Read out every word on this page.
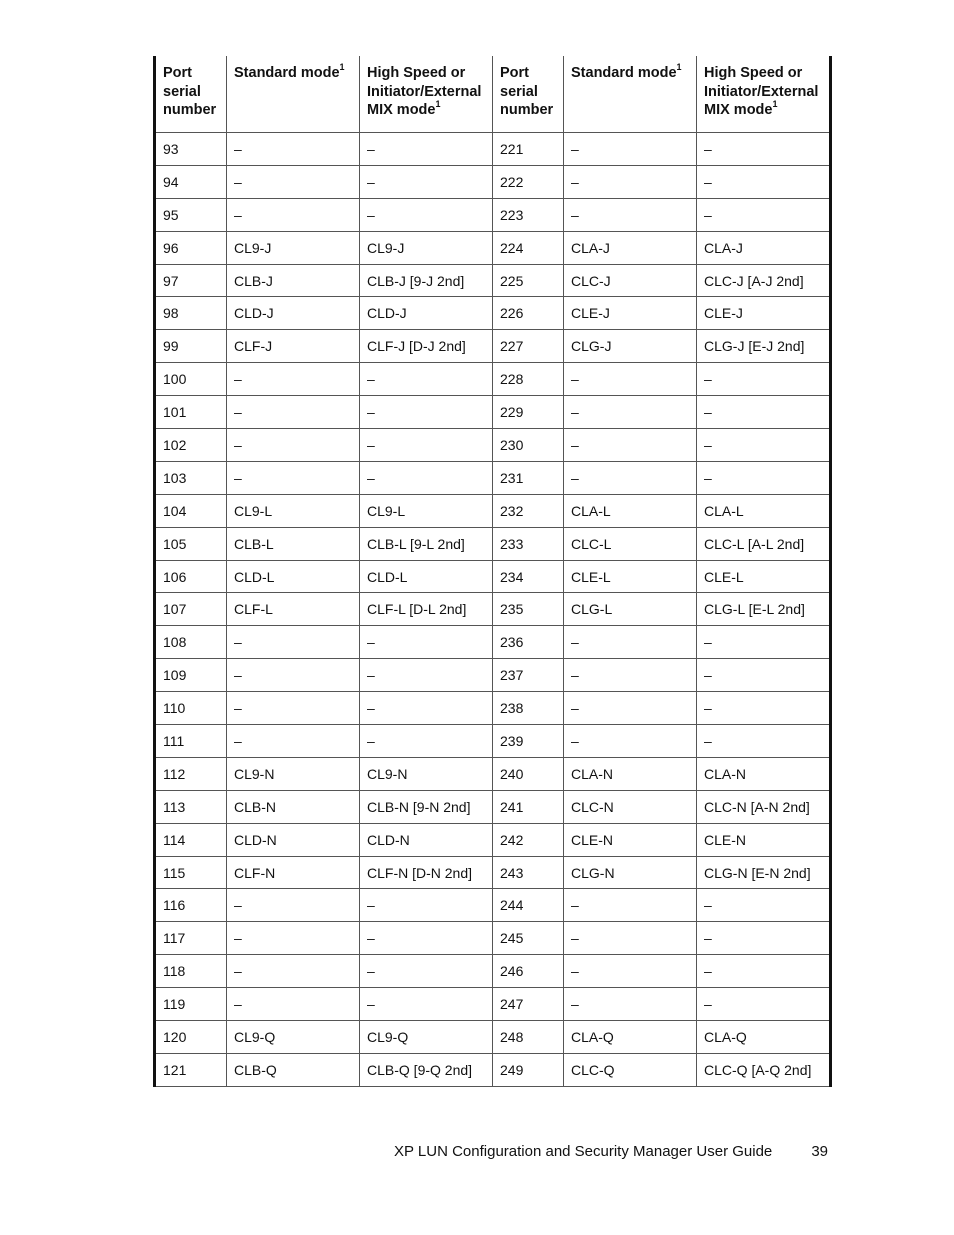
Port serial number	Standard mode$^1$	High Speed or Initiator/External MIX mode$^1$	Port serial number	Standard mode$^1$	High Speed or Initiator/External MIX mode$^1$
93	–	–	221	–	–
94	–	–	222	–	–
95	–	–	223	–	–
96	CL9-J	CL9-J	224	CLA-J	CLA-J
97	CLB-J	CLB-J [9-J 2nd]	225	CLC-J	CLC-J [A-J 2nd]
98	CLD-J	CLD-J	226	CLE-J	CLE-J
99	CLF-J	CLF-J [D-J 2nd]	227	CLG-J	CLG-J [E-J 2nd]
100	–	–	228	–	–
101	–	–	229	–	–
102	–	–	230	–	–
103	–	–	231	–	–
104	CL9-L	CL9-L	232	CLA-L	CLA-L
105	CLB-L	CLB-L [9-L 2nd]	233	CLC-L	CLC-L [A-L 2nd]
106	CLD-L	CLD-L	234	CLE-L	CLE-L
107	CLF-L	CLF-L [D-L 2nd]	235	CLG-L	CLG-L [E-L 2nd]
108	–	–	236	–	–
109	–	–	237	–	–
110	–	–	238	–	–
111	–	–	239	–	–
112	CL9-N	CL9-N	240	CLA-N	CLA-N
113	CLB-N	CLB-N [9-N 2nd]	241	CLC-N	CLC-N [A-N 2nd]
114	CLD-N	CLD-N	242	CLE-N	CLE-N
115	CLF-N	CLF-N [D-N 2nd]	243	CLG-N	CLG-N [E-N 2nd]
116	–	–	244	–	–
117	–	–	245	–	–
118	–	–	246	–	–
119	–	–	247	–	–
120	CL9-Q	CL9-Q	248	CLA-Q	CLA-Q
121	CLB-Q	CLB-Q [9-Q 2nd]	249	CLC-Q	CLC-Q [A-Q 2nd]
XP LUN Configuration and Security Manager User Guide	39
